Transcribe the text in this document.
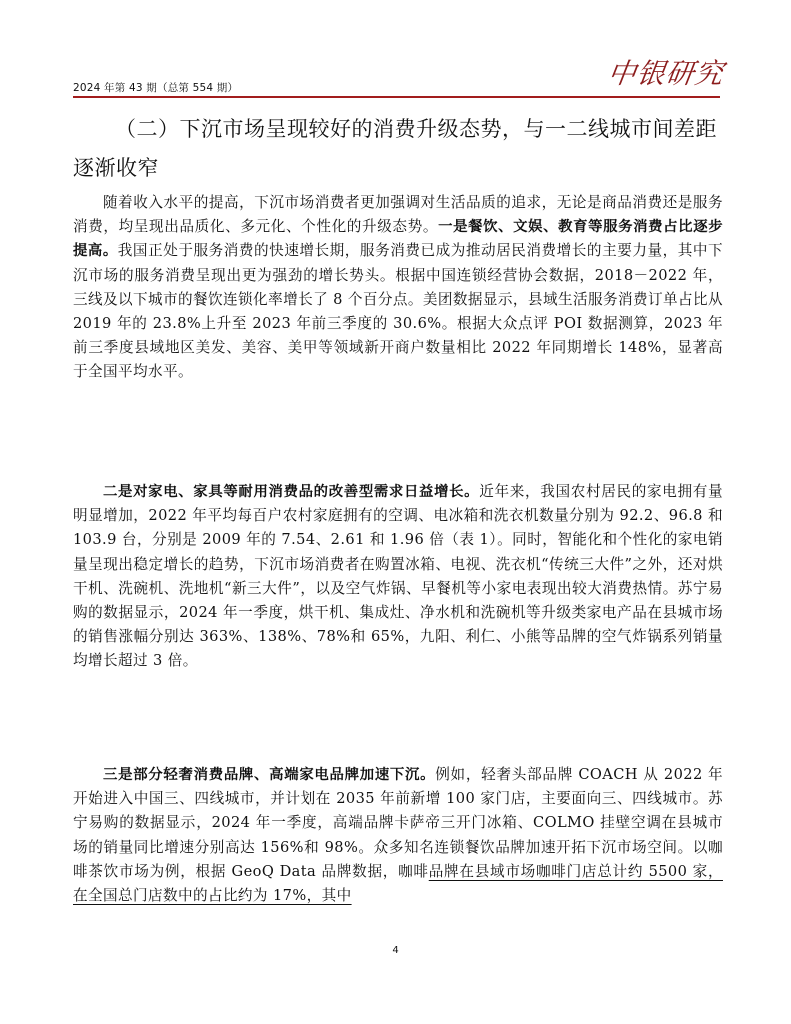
2024 年第 43 期（总第 554 期）	中银研究
（二）下沉市场呈现较好的消费升级态势，与一二线城市间差距逐渐收窄

随着收入水平的提高，下沉市场消费者更加强调对生活品质的追求，无论是商品消费还是服务消费，均呈现出品质化、多元化、个性化的升级态势。一是餐饮、文娱、教育等服务消费占比逐步提高。我国正处于服务消费的快速增长期，服务消费已成为推动居民消费增长的主要力量，其中下沉市场的服务消费呈现出更为强劲的增长势头。根据中国连锁经营协会数据，2018－2022 年，三线及以下城市的餐饮连锁化率增长了 8 个百分点。美团数据显示，县域生活服务消费订单占比从 2019 年的 23.8%上升至 2023 年前三季度的 30.6%。根据大众点评 POI 数据测算，2023 年前三季度县域地区美发、美容、美甲等领域新开商户数量相比 2022 年同期增长 148%，显著高于全国平均水平。

二是对家电、家具等耐用消费品的改善型需求日益增长。近年来，我国农村居民的家电拥有量明显增加，2022 年平均每百户农村家庭拥有的空调、电冰箱和洗衣机数量分别为 92.2、96.8 和 103.9 台，分别是 2009 年的 7.54、2.61 和 1.96 倍（表 1）。同时，智能化和个性化的家电销量呈现出稳定增长的趋势，下沉市场消费者在购置冰箱、电视、洗衣机“传统三大件”之外，还对烘干机、洗碗机、洗地机“新三大件”，以及空气炸锅、早餐机等小家电表现出较大消费热情。苏宁易购的数据显示，2024 年一季度，烘干机、集成灶、净水机和洗碗机等升级类家电产品在县城市场的销售涨幅分别达 363%、138%、78%和 65%，九阳、利仁、小熊等品牌的空气炸锅系列销量均增长超过 3 倍。

三是部分轻奢消费品牌、高端家电品牌加速下沉。例如，轻奢头部品牌 COACH 从 2022 年开始进入中国三、四线城市，并计划在 2035 年前新增 100 家门店，主要面向三、四线城市。苏宁易购的数据显示，2024 年一季度，高端品牌卡萨帝三开门冰箱、COLMO 挂壁空调在县城市场的销量同比增速分别高达 156%和 98%。众多知名连锁餐饮品牌加速开拓下沉市场空间。以咖啡茶饮市场为例，根据 GeoQ Data 品牌数据，咖啡品牌在县域市场咖啡门店总计约 5500 家，在全国总门店数中的占比约为 17%，其中

4
